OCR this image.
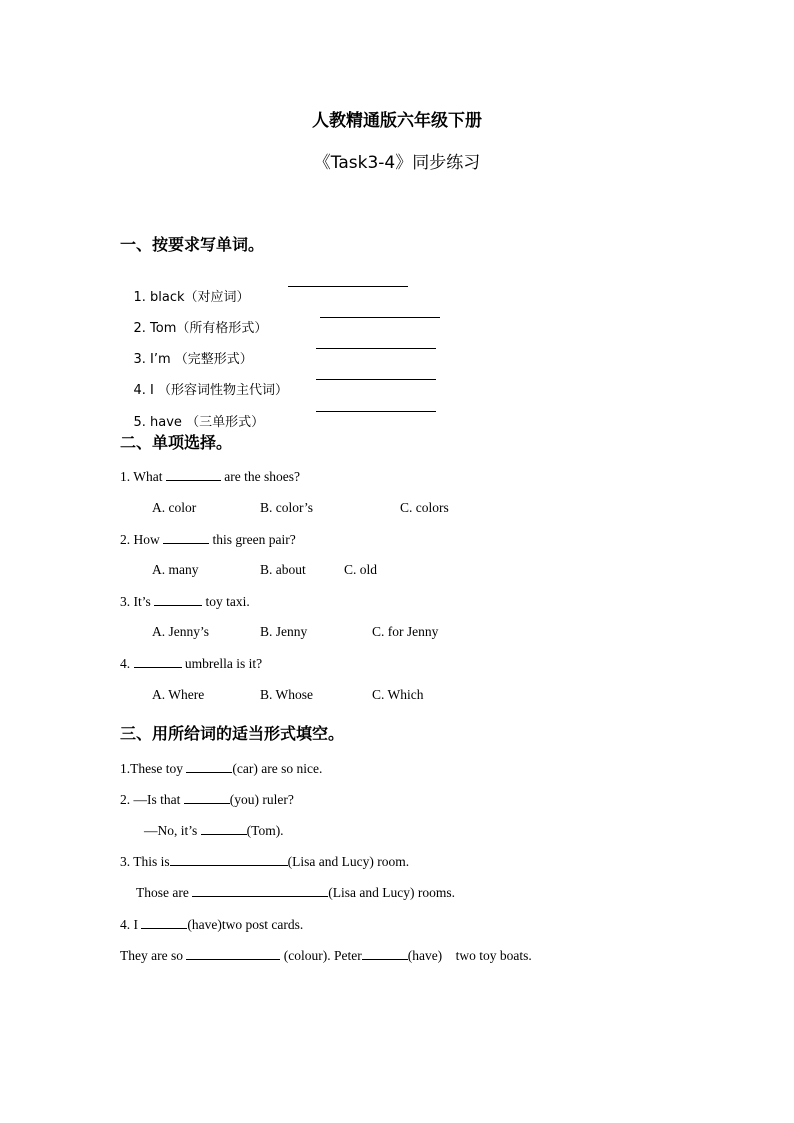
人教精通版六年级下册
《Task3-4》同步练习
一、按要求写单词。

1. black（对应词）

2. Tom（所有格形式）

3. I’m （完整形式）

4. I （形容词性物主代词）

5. have （三单形式）

二、单项选择。
1. What	are the shoes?
A. color	B. color’s	C. colors
2. How	this green pair?
A. many	B. about	C. old
3. It’s	toy taxi.
A. Jenny’s	B. Jenny	C. for Jenny
4.	umbrella is it?
A. Where	B. Whose	C. Which
三、用所给词的适当形式填空。
1.These toy	(car) are so nice.
2. —Is that	(you) ruler?
—No, it’s	(Tom).
3. This is	(Lisa and Lucy) room.
Those are	(Lisa and Lucy) rooms.
4. I	(have)two post cards.
They are so	(colour). Peter	(have)    two toy boats.
